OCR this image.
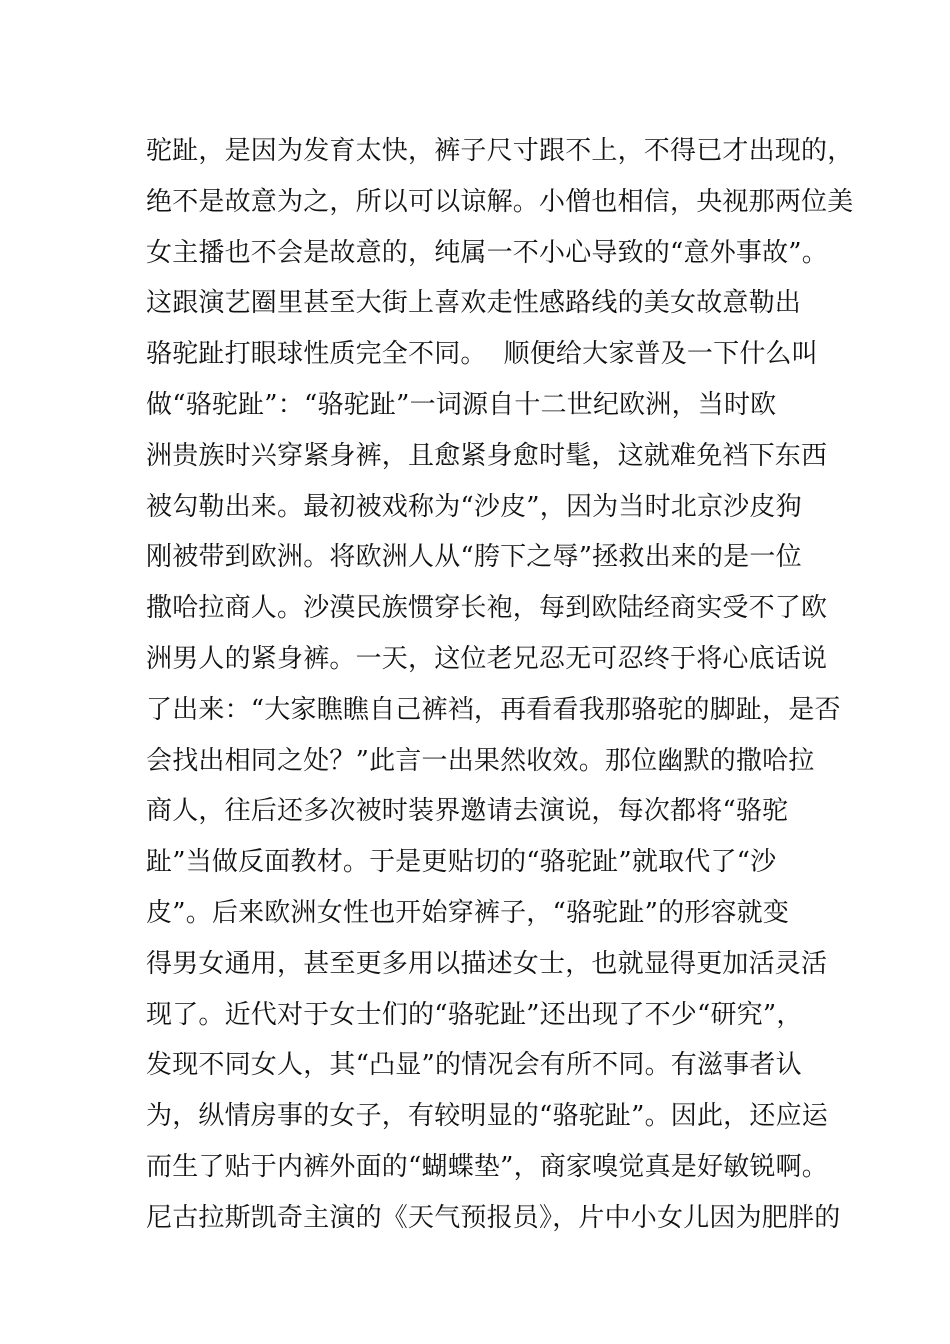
驼趾，是因为发育太快，裤子尺寸跟不上，不得已才出现的，
绝不是故意为之，所以可以谅解。小僧也相信，央视那两位美
女主播也不会是故意的，纯属一不小心导致的“意外事故”。
这跟演艺圈里甚至大街上喜欢走性感路线的美女故意勒出
骆驼趾打眼球性质完全不同。  顺便给大家普及一下什么叫
做“骆驼趾”：“骆驼趾”一词源自十二世纪欧洲，当时欧
洲贵族时兴穿紧身裤，且愈紧身愈时髦，这就难免裆下东西
被勾勒出来。最初被戏称为“沙皮”，因为当时北京沙皮狗
刚被带到欧洲。将欧洲人从“胯下之辱”拯救出来的是一位
撒哈拉商人。沙漠民族惯穿长袍，每到欧陆经商实受不了欧
洲男人的紧身裤。一天，这位老兄忍无可忍终于将心底话说
了出来：“大家瞧瞧自己裤裆，再看看我那骆驼的脚趾，是否
会找出相同之处？”此言一出果然收效。那位幽默的撒哈拉
商人，往后还多次被时装界邀请去演说，每次都将“骆驼
趾”当做反面教材。于是更贴切的“骆驼趾”就取代了“沙
皮”。后来欧洲女性也开始穿裤子，“骆驼趾”的形容就变
得男女通用，甚至更多用以描述女士，也就显得更加活灵活
现了。近代对于女士们的“骆驼趾”还出现了不少“研究”，
发现不同女人，其“凸显”的情况会有所不同。有滋事者认
为，纵情房事的女子，有较明显的“骆驼趾”。因此，还应运
而生了贴于内裤外面的“蝴蝶垫”，商家嗅觉真是好敏锐啊。
尼古拉斯凯奇主演的《天气预报员》，片中小女儿因为肥胖的
